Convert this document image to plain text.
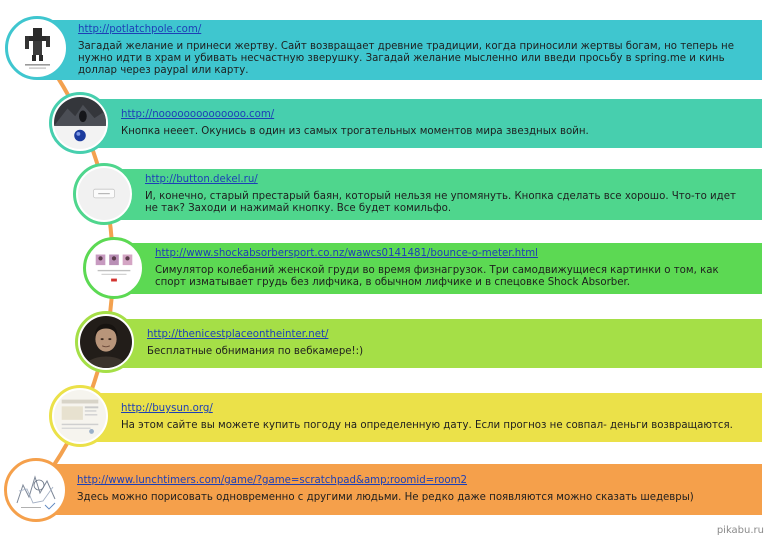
http://potlatchpole.com/
Загадай желание и принеси жертву. Сайт возвращает древние традиции, когда приносили жертвы богам, но теперь не
нужно идти в храм и убивать несчастную зверушку. Загадай желание мысленно или введи просьбу в spring.me и кинь
доллар через paypal или карту.
http://noooooooooooooo.com/
Кнопка нееет. Окунись в один из самых трогательных моментов мира звездных войн.
http://button.dekel.ru/
И, конечно, старый престарый баян, который нельзя не упомянуть. Кнопка сделать все хорошо. Что-то идет
не так? Заходи и нажимай кнопку. Все будет комильфо.
http://www.shockabsorbersport.co.nz/wawcs0141481/bounce-o-meter.html
Симулятор колебаний женской груди во время физнагрузок. Три самодвижущиеся картинки о том, как
спорт изматывает грудь без лифчика, в обычном лифчике и в спецовке Shock Absorber.
http://thenicestplaceontheinter.net/
Бесплатные обнимания по вебкамере!:)
http://buysun.org/
На этом сайте вы можете купить погоду на определенную дату. Если прогноз не совпал- деньги возвращаются.
http://www.lunchtimers.com/game/?game=scratchpad&amp;roomid=room2
Здесь можно порисовать одновременно с другими людьми. Не редко даже появляются можно сказать шедевры)
pikabu.ru
